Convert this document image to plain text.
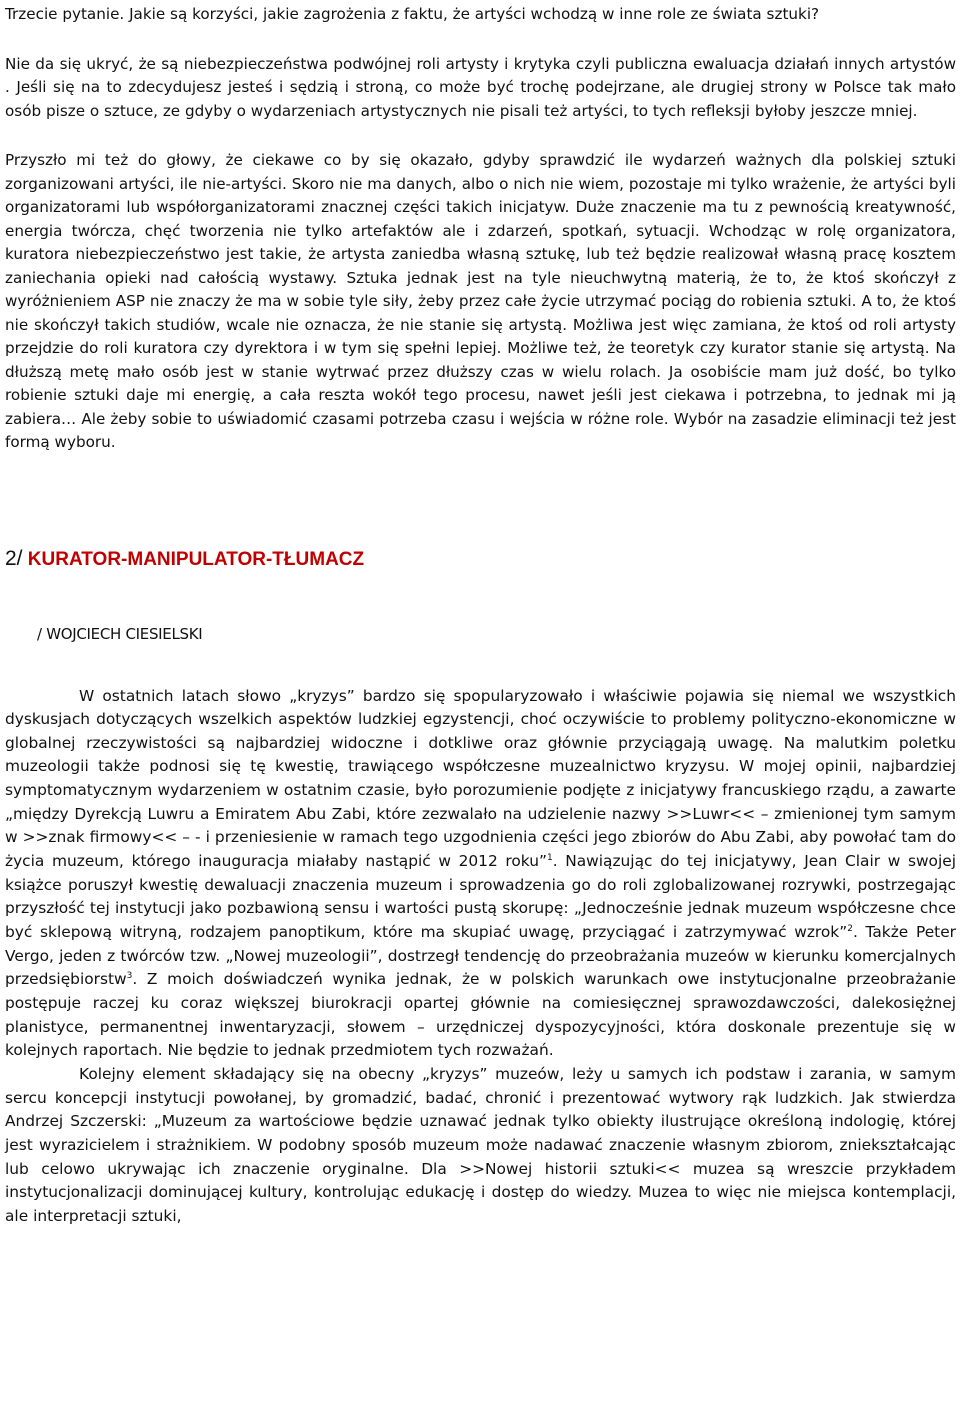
Trzecie pytanie. Jakie są korzyści, jakie zagrożenia z faktu, że artyści wchodzą w inne role ze świata sztuki?

Nie da się ukryć, że są niebezpieczeństwa podwójnej roli artysty i krytyka czyli publiczna ewaluacja działań innych artystów . Jeśli się na to zdecydujesz jesteś i sędzią i stroną, co może być trochę podejrzane, ale drugiej strony w Polsce tak mało osób pisze o sztuce, ze gdyby o wydarzeniach artystycznych nie pisali też artyści, to tych refleksji byłoby jeszcze mniej.

Przyszło mi też do głowy, że ciekawe co by się okazało, gdyby sprawdzić ile wydarzeń ważnych dla polskiej sztuki zorganizowani artyści, ile nie-artyści. Skoro nie ma danych, albo o nich nie wiem, pozostaje mi tylko wrażenie, że artyści byli organizatorami lub współorganizatorami znacznej części takich inicjatyw. Duże znaczenie ma tu z pewnością kreatywność, energia twórcza, chęć tworzenia nie tylko artefaktów ale i zdarzeń, spotkań, sytuacji. Wchodząc w rolę organizatora, kuratora niebezpieczeństwo jest takie, że artysta zaniedba własną sztukę, lub też będzie realizował własną pracę kosztem zaniechania opieki nad całością wystawy. Sztuka jednak jest na tyle nieuchwytną materią, że to, że ktoś skończył z wyróżnieniem ASP nie znaczy że ma w sobie tyle siły, żeby przez całe życie utrzymać pociąg do robienia sztuki. A to, że ktoś nie skończył takich studiów, wcale nie oznacza, że nie stanie się artystą. Możliwa jest więc zamiana, że ktoś od roli artysty przejdzie do roli kuratora czy dyrektora i w tym się spełni lepiej. Możliwe też, że teoretyk czy kurator stanie się artystą. Na dłuższą metę mało osób jest w stanie wytrwać przez dłuższy czas w wielu rolach. Ja osobiście mam już dość, bo tylko robienie sztuki daje mi energię, a cała reszta wokół tego procesu, nawet jeśli jest ciekawa i potrzebna, to jednak mi ją zabiera… Ale żeby sobie to uświadomić czasami potrzeba czasu i wejścia w różne role. Wybór na zasadzie eliminacji też jest formą wyboru.

2/ KURATOR-MANIPULATOR-TŁUMACZ
/ WOJCIECH CIESIELSKI

W ostatnich latach słowo „kryzys” bardzo się spopularyzowało i właściwie pojawia się niemal we wszystkich dyskusjach dotyczących wszelkich aspektów ludzkiej egzystencji, choć oczywiście to problemy polityczno-ekonomiczne w globalnej rzeczywistości są najbardziej widoczne i dotkliwe oraz głównie przyciągają uwagę. Na malutkim poletku muzeologii także podnosi się tę kwestię, trawiącego współczesne muzealnictwo kryzysu. W mojej opinii, najbardziej symptomatycznym wydarzeniem w ostatnim czasie, było porozumienie podjęte z inicjatywy francuskiego rządu, a zawarte „między Dyrekcją Luwru a Emiratem Abu Zabi, które zezwalało na udzielenie nazwy >>Luwr<< – zmienionej tym samym w >>znak firmowy<< – - i przeniesienie w ramach tego uzgodnienia części jego zbiorów do Abu Zabi, aby powołać tam do życia muzeum, którego inauguracja miałaby nastąpić w 2012 roku”$^1$. Nawiązując do tej inicjatywy, Jean Clair w swojej książce poruszył kwestię dewaluacji znaczenia muzeum i sprowadzenia go do roli zglobalizowanej rozrywki, postrzegając przyszłość tej instytucji jako pozbawioną sensu i wartości pustą skorupę: „Jednocześnie jednak muzeum współczesne chce być sklepową witryną, rodzajem panoptikum, które ma skupiać uwagę, przyciągać i zatrzymywać wzrok”$^2$. Także Peter Vergo, jeden z twórców tzw. „Nowej muzeologii”, dostrzegł tendencję do przeobrażania muzeów w kierunku komercjalnych przedsiębiorstw$^3$. Z moich doświadczeń wynika jednak, że w polskich warunkach owe instytucjonalne przeobrażanie postępuje raczej ku coraz większej biurokracji opartej głównie na comiesięcznej sprawozdawczości, dalekosiężnej planistyce, permanentnej inwentaryzacji, słowem – urzędniczej dyspozycyjności, która doskonale prezentuje się w kolejnych raportach. Nie będzie to jednak przedmiotem tych rozważań.

Kolejny element składający się na obecny „kryzys” muzeów, leży u samych ich podstaw i zarania, w samym sercu koncepcji instytucji powołanej, by gromadzić, badać, chronić i prezentować wytwory rąk ludzkich. Jak stwierdza Andrzej Szczerski: „Muzeum za wartościowe będzie uznawać jednak tylko obiekty ilustrujące określoną indologię, której jest wyrazicielem i strażnikiem. W podobny sposób muzeum może nadawać znaczenie własnym zbiorom, zniekształcając lub celowo ukrywając ich znaczenie oryginalne. Dla >>Nowej historii sztuki<< muzea są wreszcie przykładem instytucjonalizacji dominującej kultury, kontrolując edukację i dostęp do wiedzy. Muzea to więc nie miejsca kontemplacji, ale interpretacji sztuki,
